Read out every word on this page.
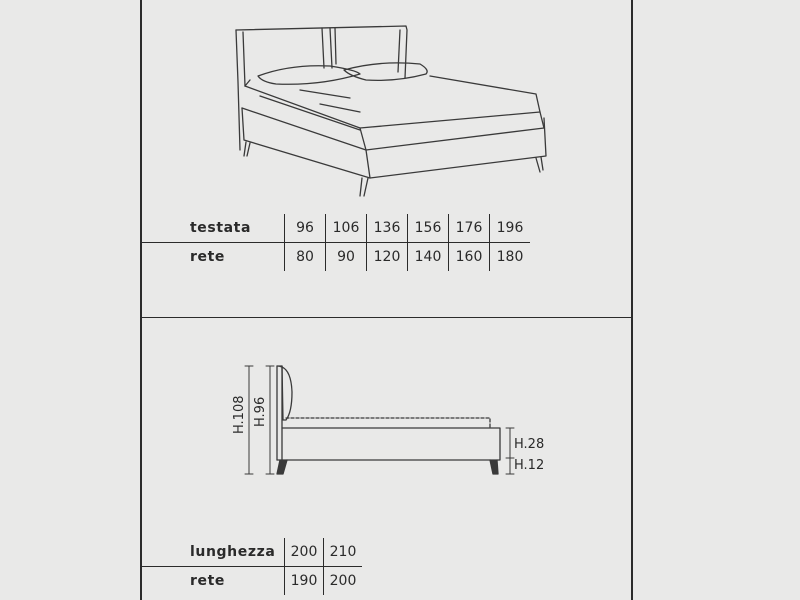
testata	96	106	136	156	176	196
rete	80	90	120	140	160	180
H.108 H.96
H.28
H.12
lunghezza	200	210
rete	190	200
